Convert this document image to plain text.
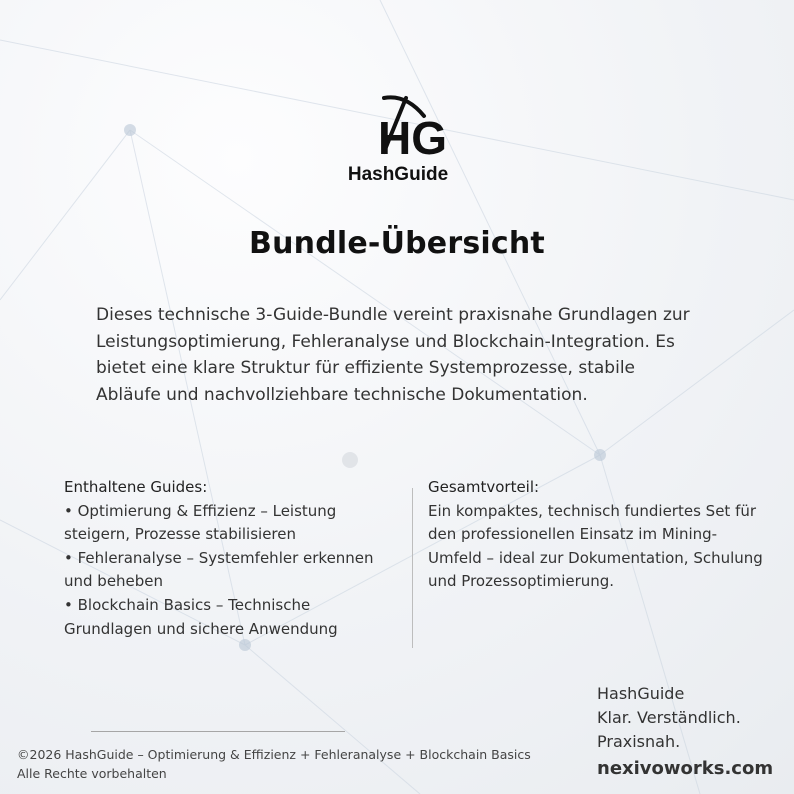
HG
HashGuide
Bundle-Übersicht

Dieses technische 3-Guide-Bundle vereint praxisnahe Grundlagen zur Leistungsoptimierung, Fehleranalyse und Blockchain-Integration. Es bietet eine klare Struktur für effiziente Systemprozesse, stabile Abläufe und nachvollziehbare technische Dokumentation.

Enthaltene Guides:
• Optimierung & Effizienz – Leistung steigern, Prozesse stabilisieren
• Fehleranalyse – Systemfehler erkennen und beheben
• Blockchain Basics – Technische Grundlagen und sichere Anwendung
Gesamtvorteil:
Ein kompaktes, technisch fundiertes Set für den professionellen Einsatz im Mining-Umfeld – ideal zur Dokumentation, Schulung und Prozessoptimierung.
HashGuide
Klar. Verständlich.
Praxisnah.
nexivoworks.com
©2026 HashGuide – Optimierung & Effizienz + Fehleranalyse + Blockchain Basics
Alle Rechte vorbehalten
